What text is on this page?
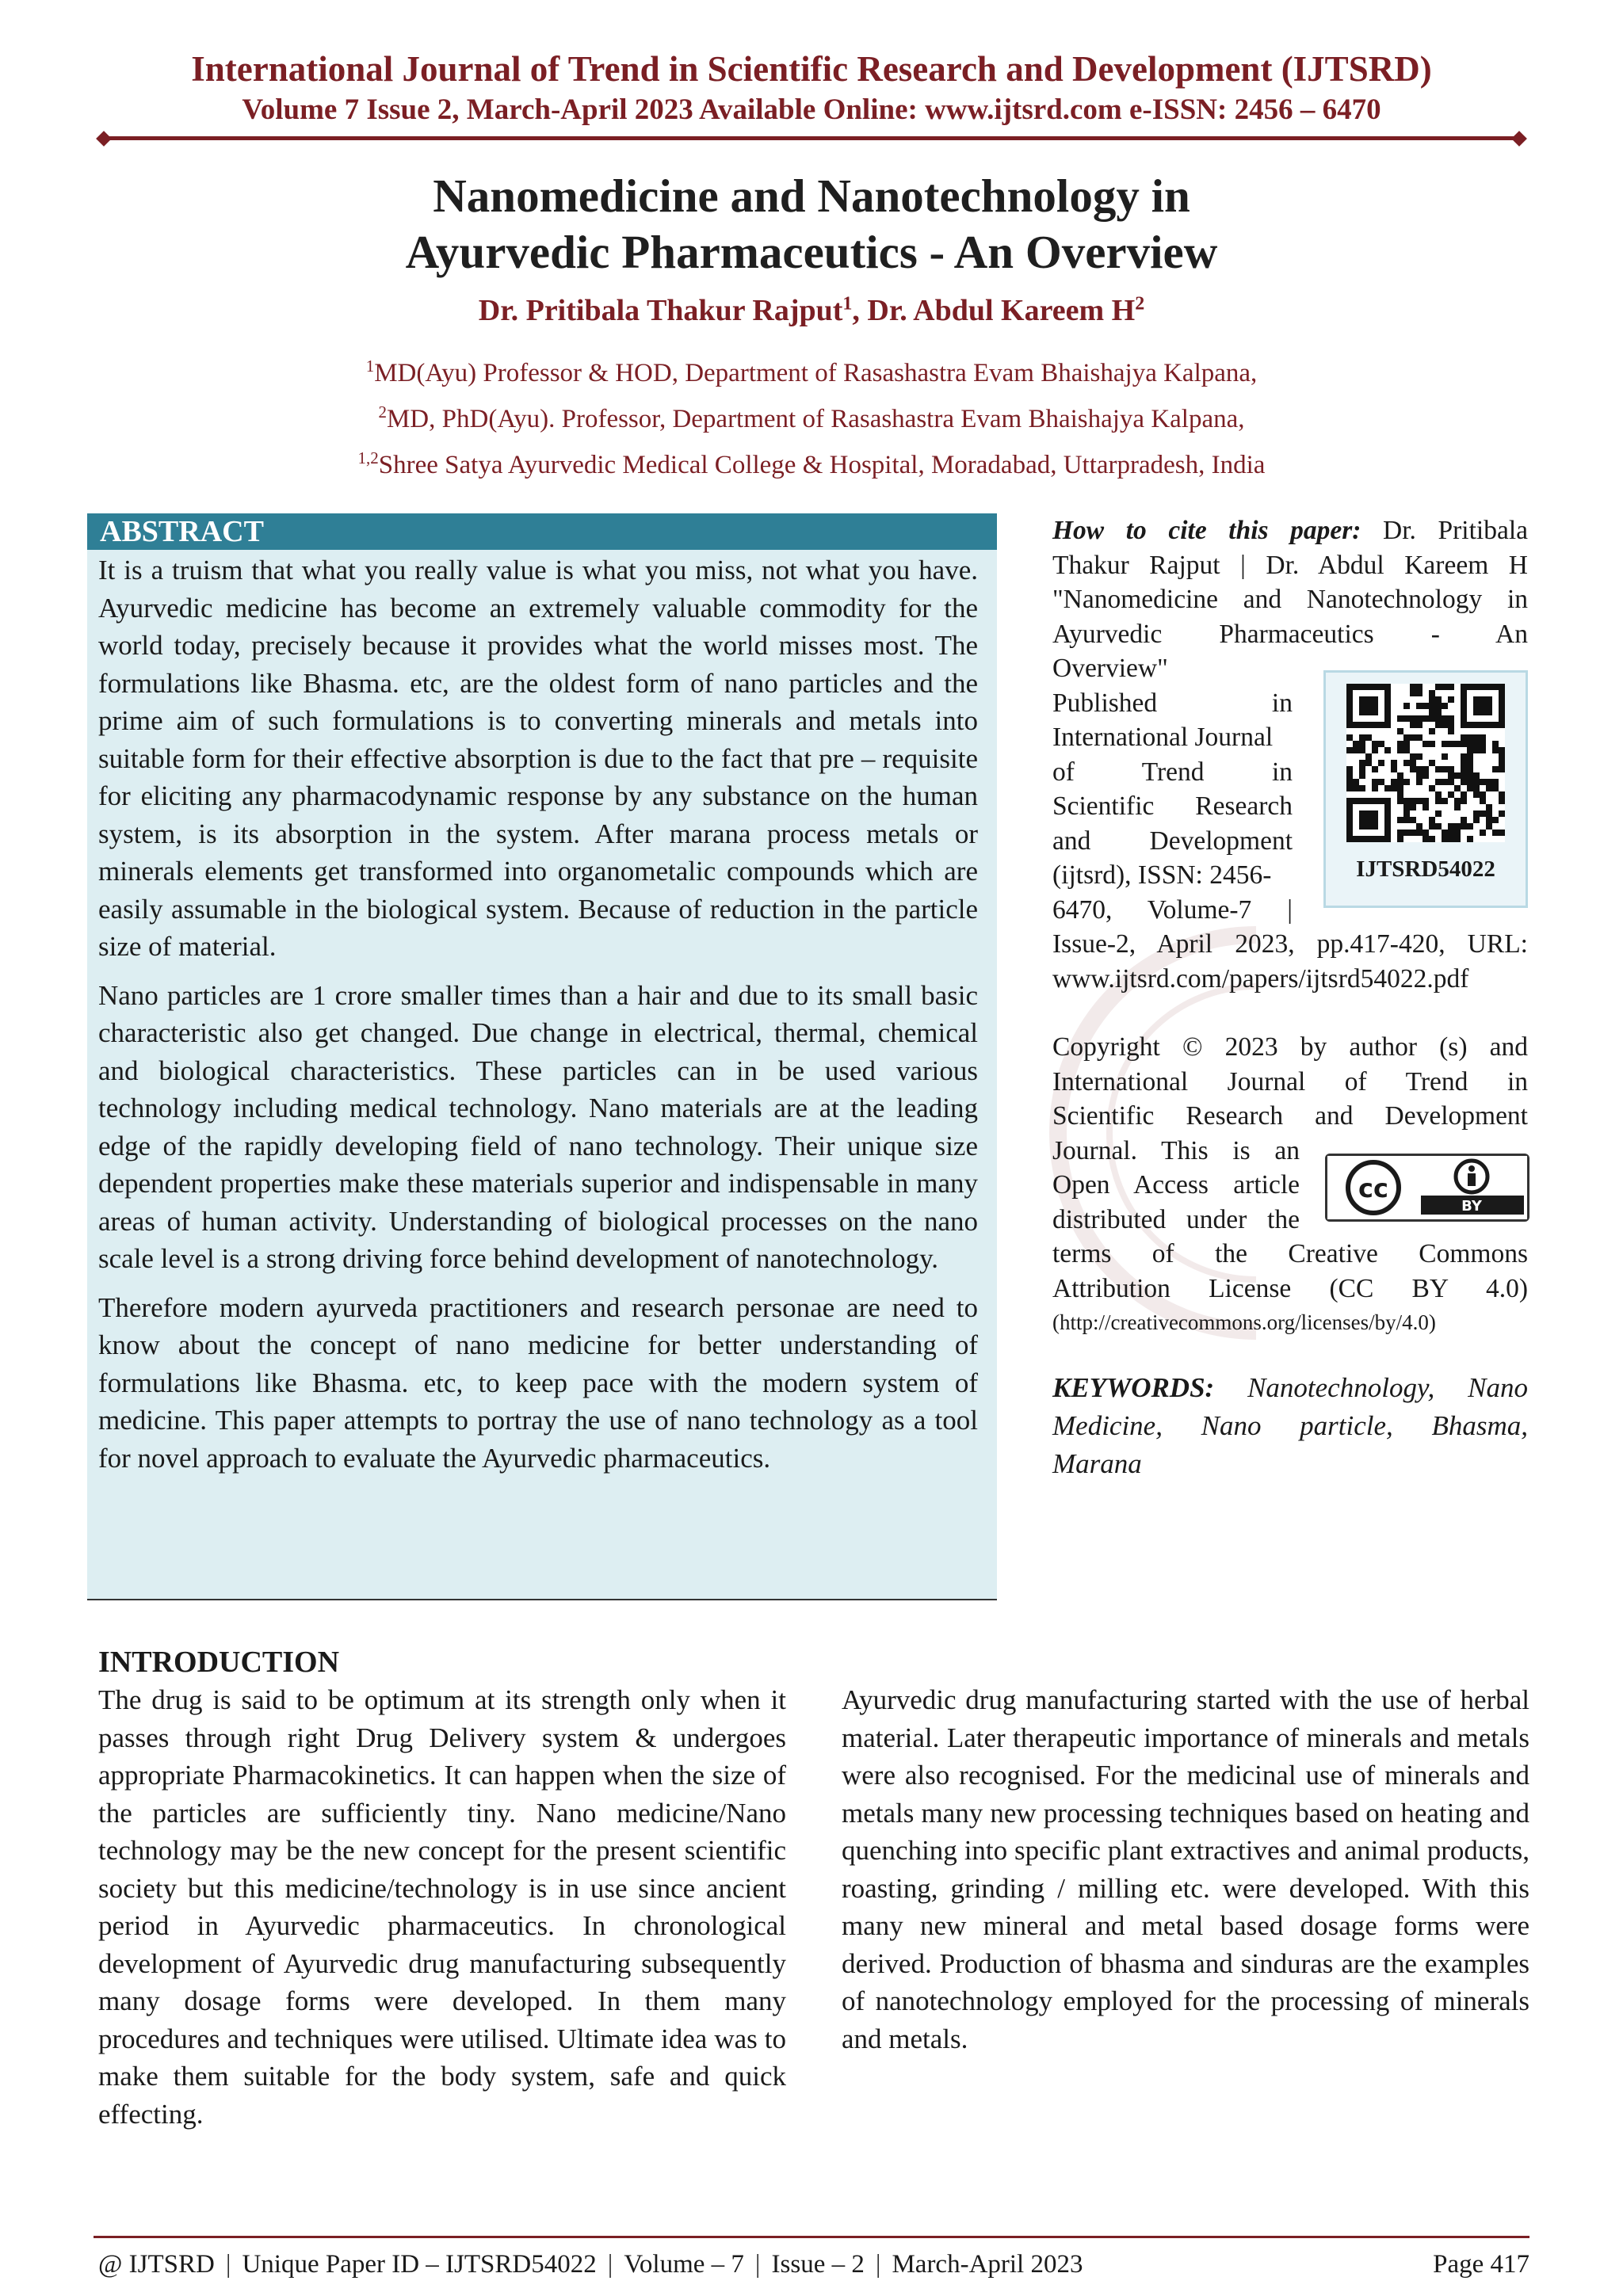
International Journal of Trend in Scientific Research and Development (IJTSRD)
Volume 7 Issue 2, March-April 2023 Available Online: www.ijtsrd.com e-ISSN: 2456 – 6470
Nanomedicine and Nanotechnology in
Ayurvedic Pharmaceutics - An Overview
Dr. Pritibala Thakur Rajput$^1$, Dr. Abdul Kareem $H^2$
$^1$MD(Ayu) Professor & HOD, Department of Rasashastra Evam Bhaishajya Kalpana,
$^2$MD, PhD(Ayu). Professor, Department of Rasashastra Evam Bhaishajya Kalpana,
$^{1,2}$Shree Satya Ayurvedic Medical College & Hospital, Moradabad, Uttarpradesh, India
ABSTRACT

It is a truism that what you really value is what you miss, not what you have. Ayurvedic medicine has become an extremely valuable commodity for the world today, precisely because it provides what the world misses most. The formulations like Bhasma. etc, are the oldest form of nano particles and the prime aim of such formulations is to converting minerals and metals into suitable form for their effective absorption is due to the fact that pre – requisite for eliciting any pharmacodynamic response by any substance on the human system, is its absorption in the system. After marana process metals or minerals elements get transformed into organometalic compounds which are easily assumable in the biological system. Because of reduction in the particle size of material.

Nano particles are 1 crore smaller times than a hair and due to its small basic characteristic also get changed. Due change in electrical, thermal, chemical and biological characteristics. These particles can in be used various technology including medical technology. Nano materials are at the leading edge of the rapidly developing field of nano technology. Their unique size dependent properties make these materials superior and indispensable in many areas of human activity. Understanding of biological processes on the nano scale level is a strong driving force behind development of nanotechnology.

Therefore modern ayurveda practitioners and research personae are need to know about the concept of nano medicine for better understanding of formulations like Bhasma. etc, to keep pace with the modern system of medicine. This paper attempts to portray the use of nano technology as a tool for novel approach to evaluate the Ayurvedic pharmaceutics.

How to cite this paper: Dr. Pritibala
Thakur Rajput | Dr. Abdul Kareem H
"Nanomedicine and Nanotechnology in
Ayurvedic Pharmaceutics - An
Overview"
Published in
International Journal
of Trend in
Scientific Research
and Development
(ijtsrd), ISSN: 2456-
6470, Volume-7 |
Issue-2, April 2023, pp.417-420, URL:
www.ijtsrd.com/papers/ijtsrd54022.pdf
Copyright © 2023 by author (s) and
International Journal of Trend in
Scientific Research and Development
Journal. This is an
Open Access article
distributed under the
terms of the Creative Commons
Attribution License (CC BY 4.0)
(http://creativecommons.org/licenses/by/4.0)
IJTSRD54022
cc
BY
KEYWORDS: Nanotechnology, Nano Medicine, Nano particle, Bhasma, Marana
INTRODUCTION
The drug is said to be optimum at its strength only when it passes through right Drug Delivery system & undergoes appropriate Pharmacokinetics. It can happen when the size of the particles are sufficiently tiny. Nano medicine/Nano technology may be the new concept for the present scientific society but this medicine/technology is in use since ancient period in Ayurvedic pharmaceutics. In chronological development of Ayurvedic drug manufacturing subsequently many dosage forms were developed. In them many procedures and techniques were utilised. Ultimate idea was to make them suitable for the body system, safe and quick effecting.
Ayurvedic drug manufacturing started with the use of herbal material. Later therapeutic importance of minerals and metals were also recognised. For the medicinal use of minerals and metals many new processing techniques based on heating and quenching into specific plant extractives and animal products, roasting, grinding / milling etc. were developed. With this many new mineral and metal based dosage forms were derived. Production of bhasma and sinduras are the examples of nanotechnology employed for the processing of minerals and metals.
@ IJTSRD | Unique Paper ID – IJTSRD54022 | Volume – 7 | Issue – 2 | March-April 2023	Page 417
